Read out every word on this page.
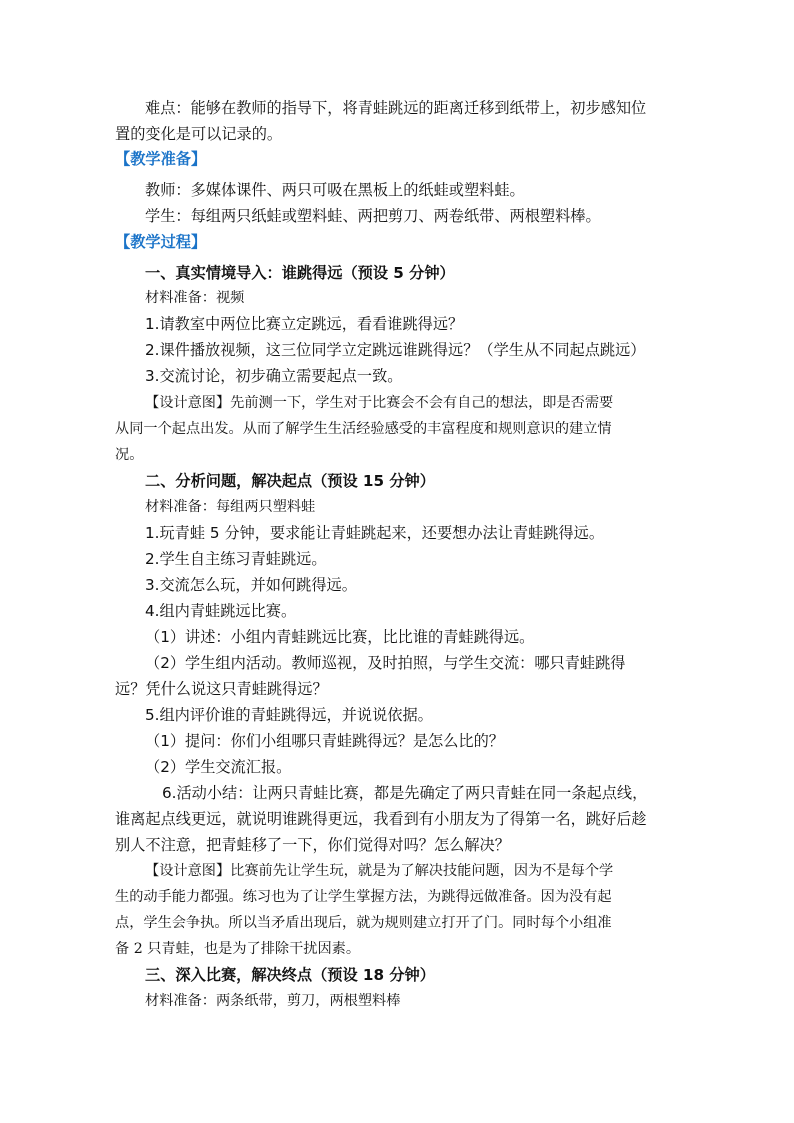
难点：能够在教师的指导下，将青蛙跳远的距离迁移到纸带上，初步感知位

置的变化是可以记录的。

【教学准备】

教师：多媒体课件、两只可吸在黑板上的纸蛙或塑料蛙。

学生：每组两只纸蛙或塑料蛙、两把剪刀、两卷纸带、两根塑料棒。

【教学过程】

一、真实情境导入：谁跳得远（预设 5 分钟）

材料准备：视频

1.请教室中两位比赛立定跳远，看看谁跳得远？

2.课件播放视频，这三位同学立定跳远谁跳得远？（学生从不同起点跳远）

3.交流讨论，初步确立需要起点一致。

【设计意图】先前测一下，学生对于比赛会不会有自己的想法，即是否需要

从同一个起点出发。从而了解学生生活经验感受的丰富程度和规则意识的建立情

况。

二、分析问题，解决起点（预设 15 分钟）

材料准备：每组两只塑料蛙

1.玩青蛙 5 分钟，要求能让青蛙跳起来，还要想办法让青蛙跳得远。

2.学生自主练习青蛙跳远。

3.交流怎么玩，并如何跳得远。

4.组内青蛙跳远比赛。

（1）讲述：小组内青蛙跳远比赛，比比谁的青蛙跳得远。

（2）学生组内活动。教师巡视，及时拍照，与学生交流：哪只青蛙跳得

远？凭什么说这只青蛙跳得远？

5.组内评价谁的青蛙跳得远，并说说依据。

（1）提问：你们小组哪只青蛙跳得远？是怎么比的？

（2）学生交流汇报。

6.活动小结：让两只青蛙比赛，都是先确定了两只青蛙在同一条起点线，

谁离起点线更远，就说明谁跳得更远，我看到有小朋友为了得第一名，跳好后趁

别人不注意，把青蛙移了一下，你们觉得对吗？怎么解决？

【设计意图】比赛前先让学生玩，就是为了解决技能问题，因为不是每个学

生的动手能力都强。练习也为了让学生掌握方法，为跳得远做准备。因为没有起

点，学生会争执。所以当矛盾出现后，就为规则建立打开了门。同时每个小组准

备 2 只青蛙，也是为了排除干扰因素。

三、深入比赛，解决终点（预设 18 分钟）

材料准备：两条纸带，剪刀，两根塑料棒
